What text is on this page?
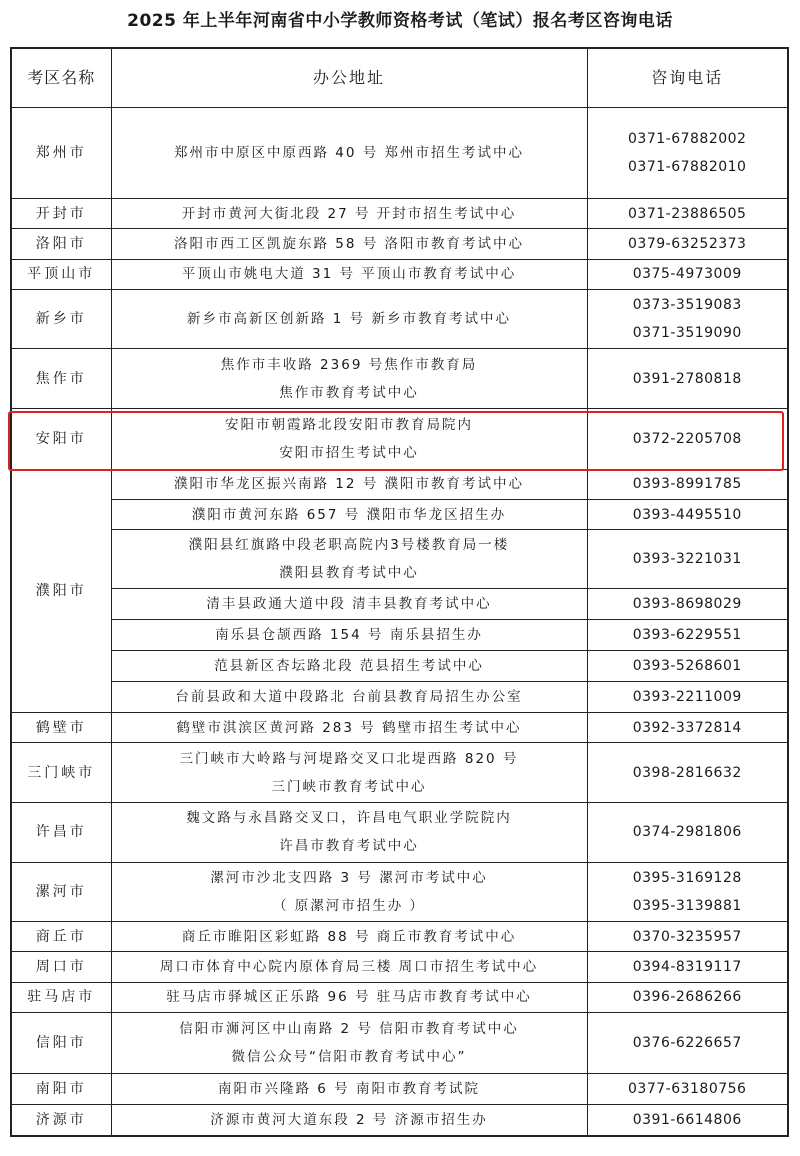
2025 年上半年河南省中小学教师资格考试（笔试）报名考区咨询电话
考区名称	办公地址	咨询电话
郑州市	郑州市中原区中原西路 40 号 郑州市招生考试中心	0371-67882002
0371-67882010

开封市	开封市黄河大街北段 27 号 开封市招生考试中心	0371-23886505

洛阳市	洛阳市西工区凯旋东路 58 号 洛阳市教育考试中心	0379-63252373

平顶山市	平顶山市姚电大道 31 号 平顶山市教育考试中心	0375-4973009

新乡市	新乡市高新区创新路 1 号 新乡市教育考试中心	0373-3519083
0371-3519090

焦作市	焦作市丰收路 2369 号焦作市教育局
焦作市教育考试中心	0391-2780818

安阳市	安阳市朝霞路北段安阳市教育局院内
安阳市招生考试中心	0372-2205708

濮阳市	濮阳市华龙区振兴南路 12 号 濮阳市教育考试中心	0393-8991785

	濮阳市黄河东路 657 号 濮阳市华龙区招生办	0393-4495510

	濮阳县红旗路中段老职高院内3号楼教育局一楼
濮阳县教育考试中心	0393-3221031

	清丰县政通大道中段 清丰县教育考试中心	0393-8698029

	南乐县仓颉西路 154 号 南乐县招生办	0393-6229551

	范县新区杏坛路北段 范县招生考试中心	0393-5268601

	台前县政和大道中段路北 台前县教育局招生办公室	0393-2211009

鹤壁市	鹤壁市淇滨区黄河路 283 号 鹤壁市招生考试中心	0392-3372814

三门峡市	三门峡市大岭路与河堤路交叉口北堤西路 820 号
三门峡市教育考试中心	0398-2816632

许昌市	魏文路与永昌路交叉口，许昌电气职业学院院内
许昌市教育考试中心	0374-2981806

漯河市	漯河市沙北支四路 3 号 漯河市考试中心
（ 原漯河市招生办 ）	0395-3169128
0395-3139881

商丘市	商丘市睢阳区彩虹路 88 号 商丘市教育考试中心	0370-3235957

周口市	周口市体育中心院内原体育局三楼 周口市招生考试中心	0394-8319117

驻马店市	驻马店市驿城区正乐路 96 号 驻马店市教育考试中心	0396-2686266

信阳市	信阳市浉河区中山南路 2 号 信阳市教育考试中心
微信公众号“信阳市教育考试中心”	0376-6226657

南阳市	南阳市兴隆路 6 号 南阳市教育考试院	0377-63180756

济源市	济源市黄河大道东段 2 号 济源市招生办	0391-6614806
